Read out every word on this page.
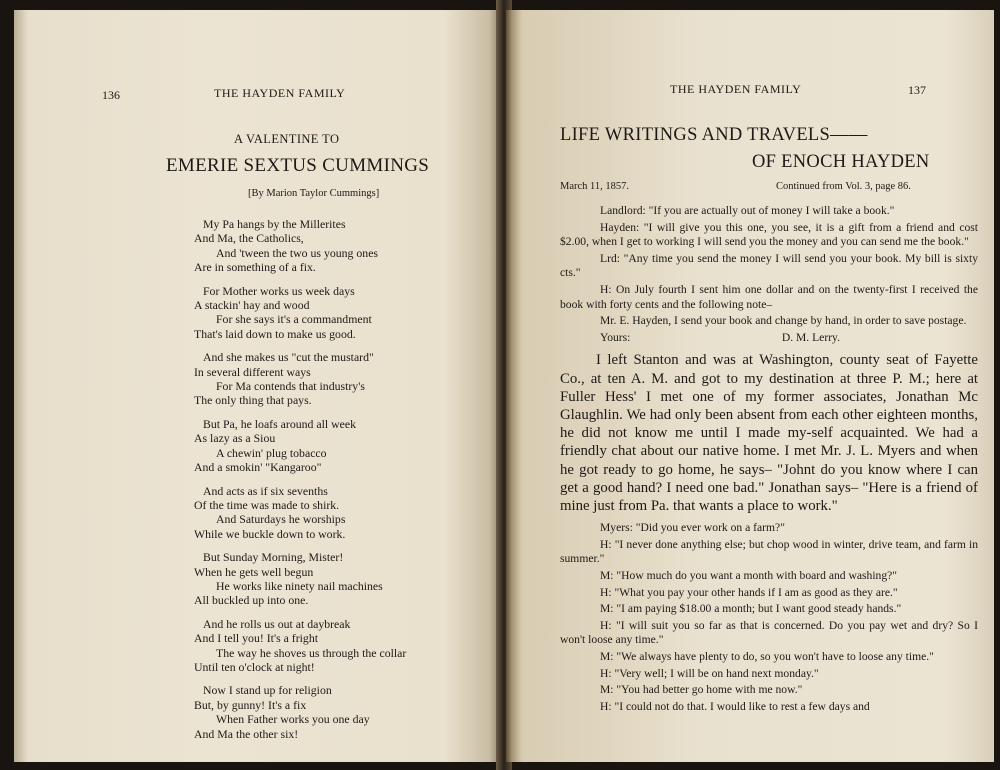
136	THE HAYDEN FAMILY
A VALENTINE TO
EMERIE SEXTUS CUMMINGS
[By Marion Taylor Cummings]
My Pa hangs by the Millerites
And Ma, the Catholics,
And 'tween the two us young ones
Are in something of a fix.
For Mother works us week days
A stackin' hay and wood
For she says it's a commandment
That's laid down to make us good.
And she makes us "cut the mustard"
In several different ways
For Ma contends that industry's
The only thing that pays.
But Pa, he loafs around all week
As lazy as a Siou
A chewin' plug tobacco
And a smokin' "Kangaroo"
And acts as if six sevenths
Of the time was made to shirk.
And Saturdays he worships
While we buckle down to work.
But Sunday Morning, Mister!
When he gets well begun
He works like ninety nail machines
All buckled up into one.
And he rolls us out at daybreak
And I tell you! It's a fright
The way he shoves us through the collar
Until ten o'clock at night!
Now I stand up for religion
But, by gunny! It's a fix
When Father works you one day
And Ma the other six!
THE HAYDEN FAMILY	137
LIFE WRITINGS AND TRAVELS——
OF ENOCH HAYDEN
March 11, 1857.	Continued from Vol. 3, page 86.

Landlord: "If you are actually out of money I will take a book."

Hayden: "I will give you this one, you see, it is a gift from a friend and cost $2.00, when I get to working I will send you the money and you can send me the book."

Lrd: "Any time you send the money I will send you your book. My bill is sixty cts."

H: On July fourth I sent him one dollar and on the twenty-first I received the book with forty cents and the following note–

Mr. E. Hayden, I send your book and change by hand, in order to save postage.

Yours:	D. M. Lerry.

I left Stanton and was at Washington, county seat of Fayette Co., at ten A. M. and got to my destination at three P. M.; here at Fuller Hess' I met one of my former associates, Jonathan Mc Glaughlin. We had only been absent from each other eighteen months, he did not know me until I made my-self acquainted. We had a friendly chat about our native home. I met Mr. J. L. Myers and when he got ready to go home, he says– "Johnt do you know where I can get a good hand? I need one bad." Jonathan says– "Here is a friend of mine just from Pa. that wants a place to work."

Myers: "Did you ever work on a farm?"

H: "I never done anything else; but chop wood in winter, drive team, and farm in summer."

M: "How much do you want a month with board and washing?"

H: "What you pay your other hands if I am as good as they are."

M: "I am paying $18.00 a month; but I want good steady hands."

H: "I will suit you so far as that is concerned. Do you pay wet and dry? So I won't loose any time."

M: "We always have plenty to do, so you won't have to loose any time."

H: "Very well; I will be on hand next monday."

M: "You had better go home with me now."

H: "I could not do that. I would like to rest a few days and
